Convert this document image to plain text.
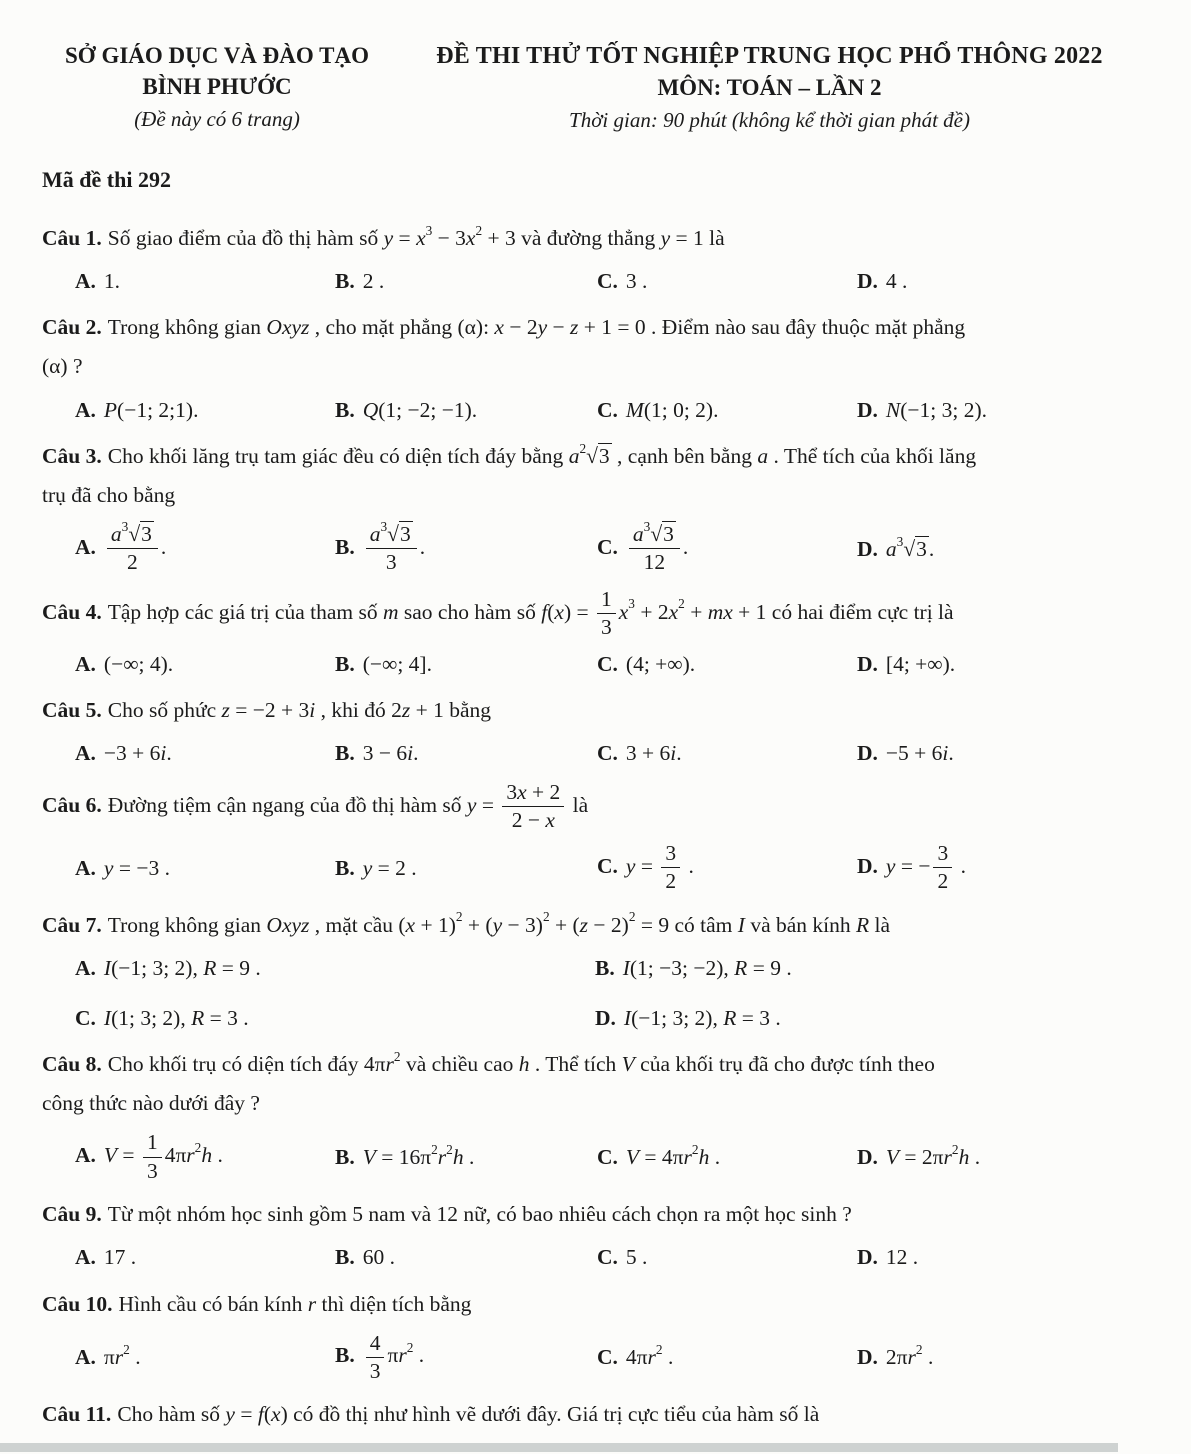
SỞ GIÁO DỤC VÀ ĐÀO TẠO
BÌNH PHƯỚC
(Đề này có 6 trang)
ĐỀ THI THỬ TỐT NGHIỆP TRUNG HỌC PHỔ THÔNG 2022
MÔN: TOÁN – LẦN 2
Thời gian: 90 phút (không kể thời gian phát đề)
Mã đề thi 292

Câu 1. Số giao điểm của đồ thị hàm số $y = x^3 - 3x^2 + 3$ và đường thẳng y = 1 là

A. 1.	B. 2 .	C. 3 .	D. 4 .

Câu 2. Trong không gian Oxyz , cho mặt phẳng (α): x − 2y − z + 1 = 0 . Điểm nào sau đây thuộc mặt phẳng
(α) ?

A. P(−1; 2;1).	B. Q(1; −2; −1).	C. M(1; 0; 2).	D. N(−1; 3; 2).

Câu 3. Cho khối lăng trụ tam giác đều có diện tích đáy bằng $a^2√3$ , cạnh bên bằng a . Thể tích của khối lăng
trụ đã cho bằng

A. $\frac{a^3√3}{2}$ .	B. $\frac{a^3√3}{3}$ .	C. $\frac{a^3√3}{12}$ .	D. $a^3√3$.

Câu 4. Tập hợp các giá trị của tham số m sao cho hàm số $f(x) = \frac{1}{3} x^3 + 2x^2$ + mx + 1 có hai điểm cực trị là

A. (−∞; 4).	B. (−∞; 4].	C. (4; +∞).	D. [4; +∞).

Câu 5. Cho số phức z = −2 + 3i , khi đó 2z + 1 bằng

A. −3 + 6i.	B. 3 − 6i.	C. 3 + 6i.	D. −5 + 6i.

Câu 6. Đường tiệm cận ngang của đồ thị hàm số $y = \frac{3x + 2}{2 - x}$ là

A. y = −3 .	B. y = 2 .	C. $y = \frac{3}{2}$ .	D. y = − $\frac{3}{2}$ .

Câu 7. Trong không gian Oxyz , mặt cầu $(x + 1)^2 + (y - 3)^2 + (z - 2)^2 = 9$ có tâm I và bán kính R là

A. I(−1; 3; 2), R = 9 .	B. I(1; −3; −2), R = 9 .
C. I(1; 3; 2), R = 3 .	D. I(−1; 3; 2), R = 3 .

Câu 8. Cho khối trụ có diện tích đáy $4\pi r^2$ và chiều cao h . Thể tích V của khối trụ đã cho được tính theo
công thức nào dưới đây ?

A. $V = \frac{1}{3} 4\pi r^2h$ .	B. $V = 16\pi^2r^2h$ .	C. $V = 4\pi r^2h$ .	D. $V = 2\pi r^2h$ .

Câu 9. Từ một nhóm học sinh gồm 5 nam và 12 nữ, có bao nhiêu cách chọn ra một học sinh ?

A. 17 .	B. 60 .	C. 5 .	D. 12 .

Câu 10. Hình cầu có bán kính r thì diện tích bằng

A. $\pi r^2$ .	B. $\frac{4}{3} \pi r^2$ .	C. $4\pi r^2$ .	D. $2\pi r^2$ .

Câu 11. Cho hàm số y = f(x) có đồ thị như hình vẽ dưới đây. Giá trị cực tiểu của hàm số là
